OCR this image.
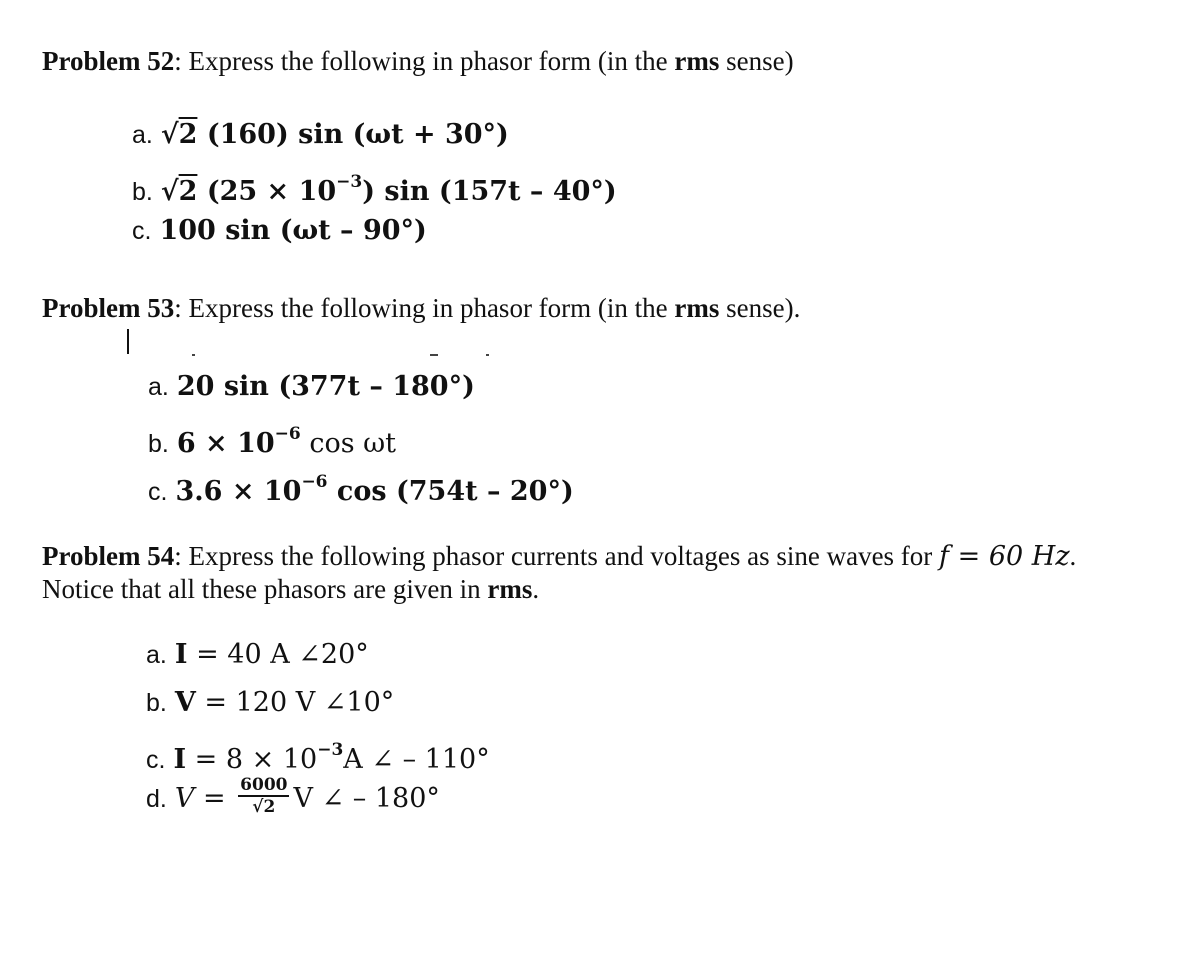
Problem 52: Express the following in phasor form (in the rms sense)
a. √2 (160) sin (ωt + 30°)
b. √2 $(25 \times 10^{-3})$ sin (157t – 40°)
c. 100 sin (ωt – 90°)
Problem 53: Express the following in phasor form (in the rms sense).
a. 20 sin (377t – 180°)
b. $6 \times 10^{-6}$ cos ωt
c. $3.6 \times 10^{-6}$ cos (754t – 20°)
Problem 54: Express the following phasor currents and voltages as sine waves for f = 60 Hz.
Notice that all these phasors are given in rms.
a. I = 40 A ∠20°
b. V = 120 V ∠10°
c. $I = 8 \times 10^{-3}A$ ∠ – 110°
d. $V = \frac{6000}{√2}$ V ∠ – 180°
